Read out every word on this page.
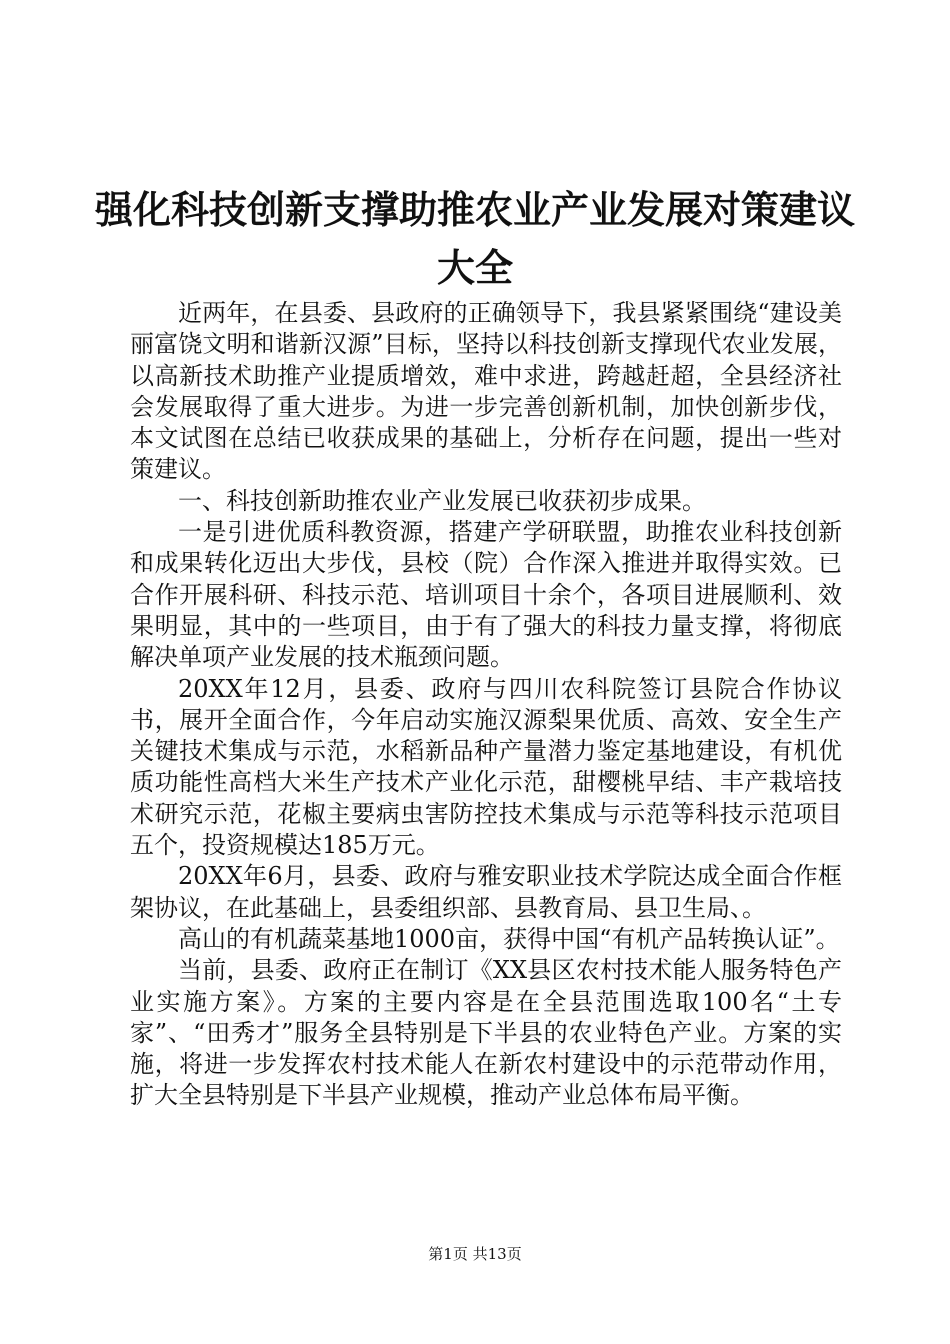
强化科技创新支撑助推农业产业发展对策建议
大全

近两年，在县委、县政府的正确领导下，我县紧紧围绕“建设美丽富饶文明和谐新汉源”目标，坚持以科技创新支撑现代农业发展，以高新技术助推产业提质增效，难中求进，跨越赶超，全县经济社会发展取得了重大进步。为进一步完善创新机制，加快创新步伐，本文试图在总结已收获成果的基础上，分析存在问题，提出一些对策建议。

一、科技创新助推农业产业发展已收获初步成果。

一是引进优质科教资源，搭建产学研联盟，助推农业科技创新和成果转化迈出大步伐，县校（院）合作深入推进并取得实效。已合作开展科研、科技示范、培训项目十余个，各项目进展顺利、效果明显，其中的一些项目，由于有了强大的科技力量支撑，将彻底解决单项产业发展的技术瓶颈问题。

20XX年12月，县委、政府与四川农科院签订县院合作协议书，展开全面合作，今年启动实施汉源梨果优质、高效、安全生产关键技术集成与示范，水稻新品种产量潜力鉴定基地建设，有机优质功能性高档大米生产技术产业化示范，甜樱桃早结、丰产栽培技术研究示范，花椒主要病虫害防控技术集成与示范等科技示范项目五个，投资规模达185万元。

20XX年6月，县委、政府与雅安职业技术学院达成全面合作框架协议，在此基础上，县委组织部、县教育局、县卫生局、。

高山的有机蔬菜基地1000亩，获得中国“有机产品转换认证”。

当前，县委、政府正在制订《XX县区农村技术能人服务特色产业实施方案》。方案的主要内容是在全县范围选取100名“土专家”、“田秀才”服务全县特别是下半县的农业特色产业。方案的实施，将进一步发挥农村技术能人在新农村建设中的示范带动作用，扩大全县特别是下半县产业规模，推动产业总体布局平衡。

第1页 共13页
